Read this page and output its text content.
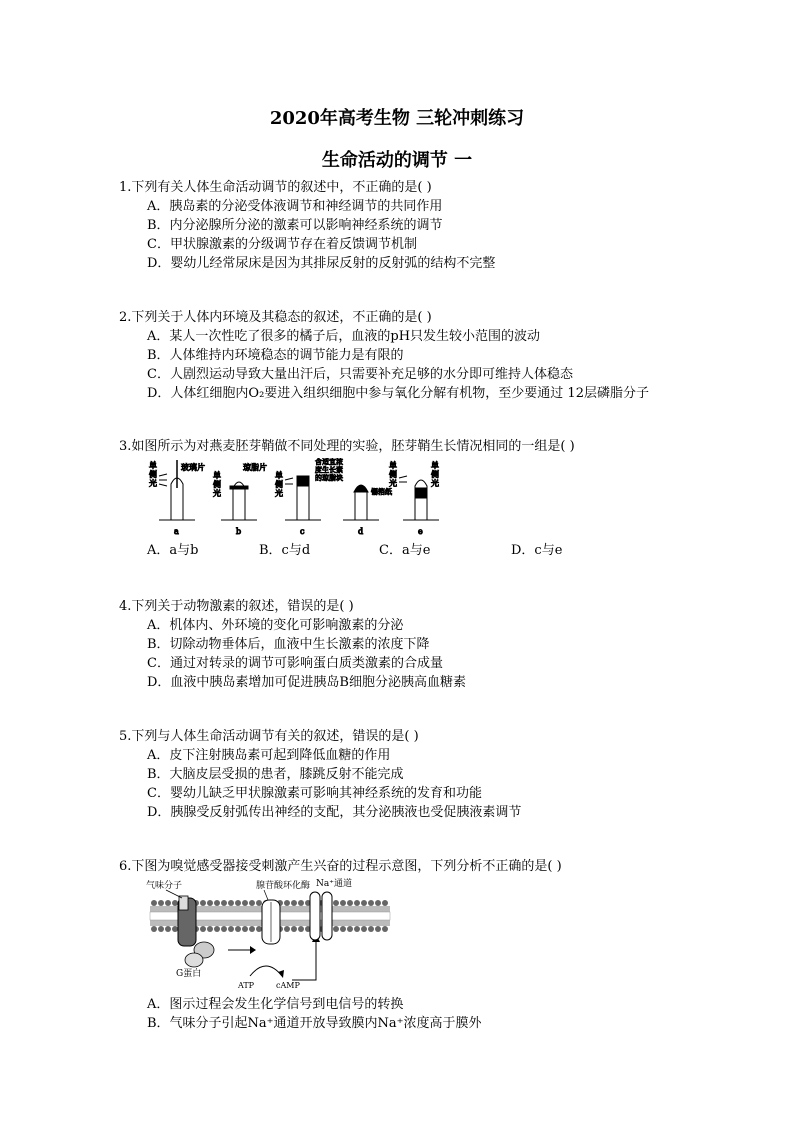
2020年高考生物 三轮冲刺练习
生命活动的调节 一
1.下列有关人体生命活动调节的叙述中，不正确的是( )
A．胰岛素的分泌受体液调节和神经调节的共同作用
B．内分泌腺所分泌的激素可以影响神经系统的调节
C．甲状腺激素的分级调节存在着反馈调节机制
D．婴幼儿经常尿床是因为其排尿反射的反射弧的结构不完整
2.下列关于人体内环境及其稳态的叙述，不正确的是( )
A．某人一次性吃了很多的橘子后，血液的pH只发生较小范围的波动
B．人体维持内环境稳态的调节能力是有限的
C．人剧烈运动导致大量出汗后，只需要补充足够的水分即可维持人体稳态
D．人体红细胞内O₂要进入组织细胞中参与氧化分解有机物，至少要通过 12层磷脂分子
3.如图所示为对燕麦胚芽鞘做不同处理的实验，胚芽鞘生长情况相同的一组是( )
单
侧
光
玻璃片
a
单
侧
光
琼脂片
b
单
侧
光
含适宜浓
度生长素
的琼脂块
c
锡箔纸
d
单
侧
光
单
侧
光
e
A．a与b	B．c与d	C．a与e	D．c与e
4.下列关于动物激素的叙述，错误的是( )
A．机体内、外环境的变化可影响激素的分泌
B．切除动物垂体后，血液中生长激素的浓度下降
C．通过对转录的调节可影响蛋白质类激素的合成量
D．血液中胰岛素增加可促进胰岛B细胞分泌胰高血糖素
5.下列与人体生命活动调节有关的叙述，错误的是( )
A．皮下注射胰岛素可起到降低血糖的作用
B．大脑皮层受损的患者，膝跳反射不能完成
C．婴幼儿缺乏甲状腺激素可影响其神经系统的发育和功能
D．胰腺受反射弧传出神经的支配，其分泌胰液也受促胰液素调节
6.下图为嗅觉感受器接受刺激产生兴奋的过程示意图，下列分析不正确的是( )
气味分子
G蛋白
腺苷酸环化酶
ATP	cAMP
Na⁺通道
A．图示过程会发生化学信号到电信号的转换
B．气味分子引起Na⁺通道开放导致膜内Na⁺浓度高于膜外
